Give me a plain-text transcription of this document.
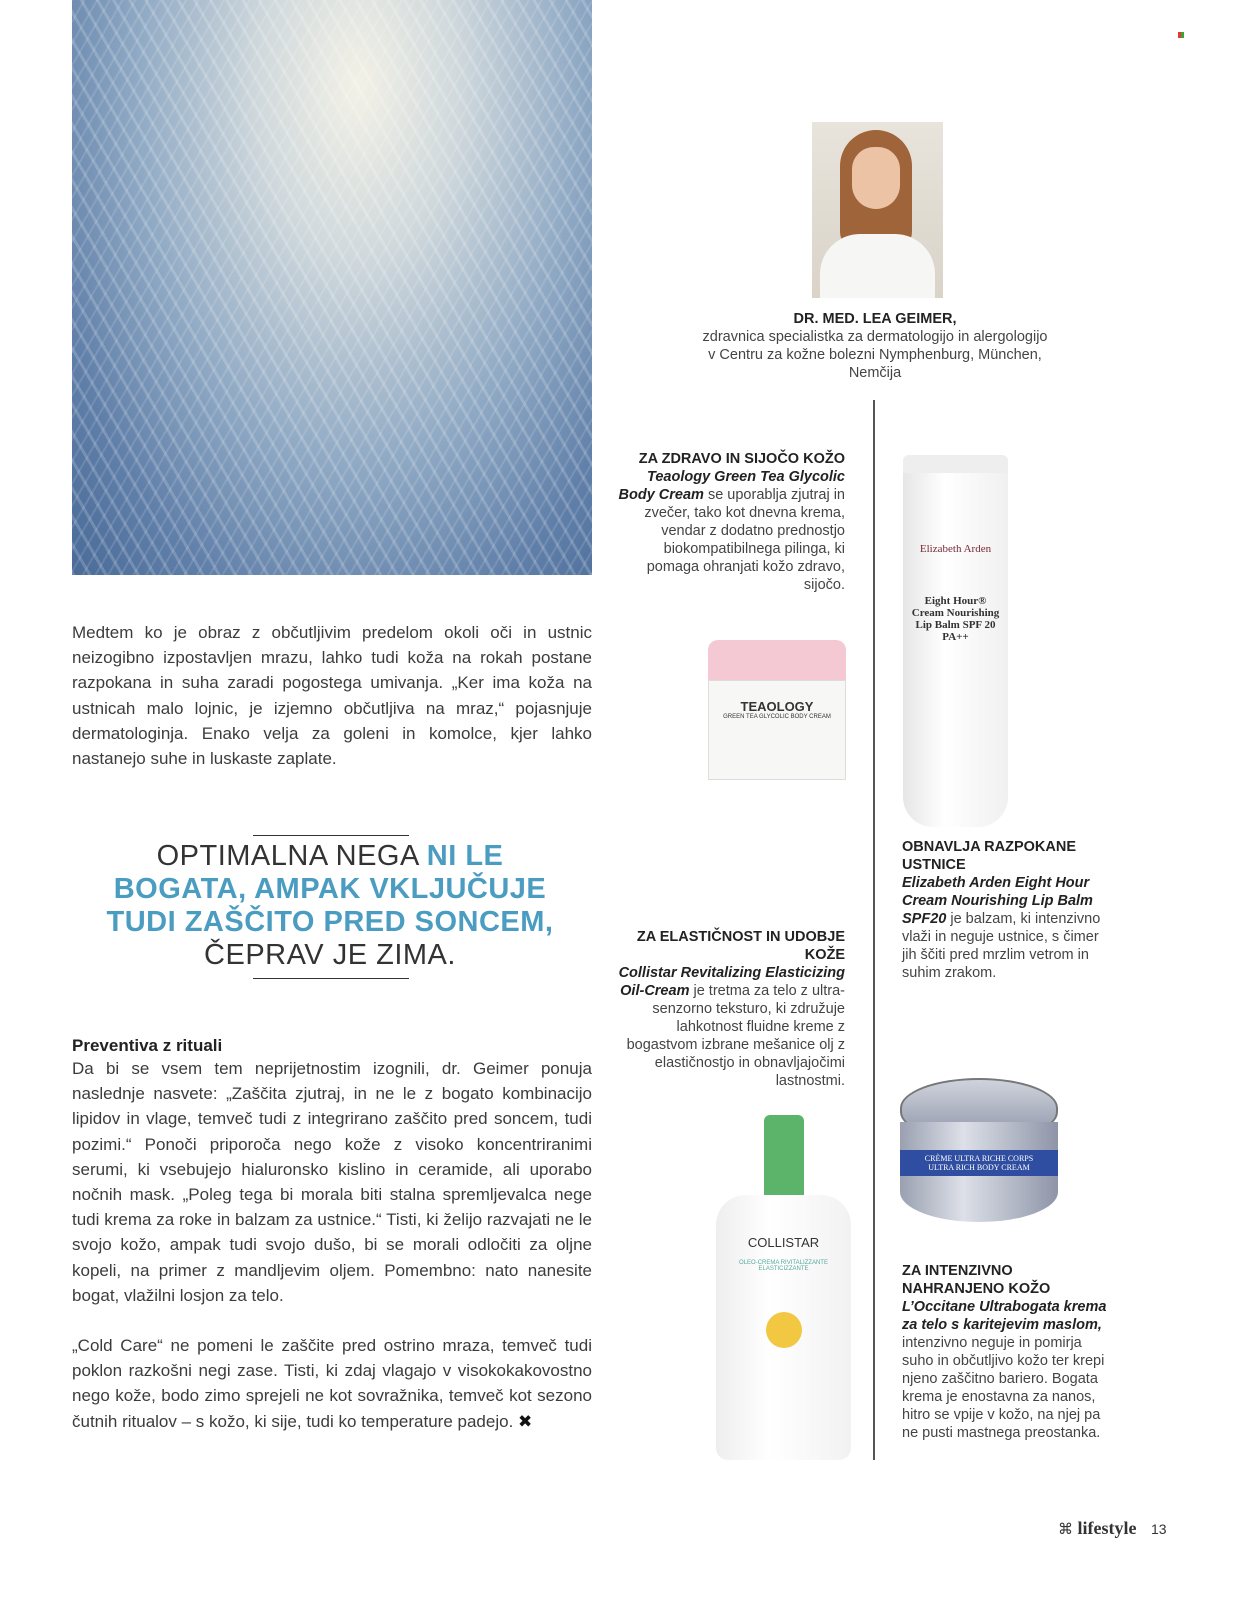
Medtem ko je obraz z občutljivim predelom okoli oči in ustnic neizogibno izpostavljen mrazu, lahko tudi koža na rokah postane razpokana in suha zaradi pogostega umivanja. „Ker ima koža na ustnicah malo lojnic, je izjemno občutljiva na mraz,“ pojasnjuje dermatologinja. Enako velja za goleni in komolce, kjer lahko nastanejo suhe in luskaste zaplate.

OPTIMALNA NEGA NI LE BOGATA, AMPAK VKLJUČUJE TUDI ZAŠČITO PRED SONCEM, ČEPRAV JE ZIMA.
Preventiva z rituali

Da bi se vsem tem neprijetnostim izognili, dr. Geimer ponuja naslednje nasvete: „Zaščita zjutraj, in ne le z bogato kombinacijo lipidov in vlage, temveč tudi z integrirano zaščito pred soncem, tudi pozimi.“ Ponoči priporoča nego kože z visoko koncentriranimi serumi, ki vsebujejo hialuronsko kislino in ceramide, ali uporabo nočnih mask. „Poleg tega bi morala biti stalna spremljevalca nege tudi krema za roke in balzam za ustnice.“ Tisti, ki želijo razvajati ne le svojo kožo, ampak tudi svojo dušo, bi se morali odločiti za oljne kopeli, na primer z mandljevim oljem. Pomembno: nato nanesite bogat, vlažilni losjon za telo.

„Cold Care“ ne pomeni le zaščite pred ostrino mraza, temveč tudi poklon razkošni negi zase. Tisti, ki zdaj vlagajo v visokokakovostno nego kože, bodo zimo sprejeli ne kot sovražnika, temveč kot sezono čutnih ritualov – s kožo, ki sije, tudi ko temperature padejo. ✖

DR. MED. LEA GEIMER,
zdravnica specialistka za dermatologijo in alergologijo v Centru za kožne bolezni Nymphenburg, München, Nemčija
ZA ZDRAVO IN SIJOČO KOŽO
Teaology Green Tea Glycolic Body Cream se uporablja zjutraj in zvečer, tako kot dnevna krema, vendar z dodatno prednostjo biokompatibilnega pilinga, ki pomaga ohranjati kožo zdravo, sijočo.
TEAOLOGY
GREEN TEA GLYCOLIC BODY CREAM
Elizabeth Arden
Eight Hour® Cream Nourishing Lip Balm SPF 20 PA++
OBNAVLJA RAZPOKANE USTNICE
Elizabeth Arden Eight Hour Cream Nourishing Lip Balm SPF20 je balzam, ki intenzivno vlaži in neguje ustnice, s čimer jih ščiti pred mrzlim vetrom in suhim zrakom.
ZA ELASTIČNOST IN UDOBJE KOŽE
Collistar Revitalizing Elasticizing Oil-Cream je tretma za telo z ultra-senzorno teksturo, ki združuje lahkotnost fluidne kreme z bogastvom izbrane mešanice olj z elastičnostjo in obnavljajočimi lastnostmi.
COLLISTAR
OLEO-CREMA RIVITALIZZANTE ELASTICIZZANTE
CRÈME ULTRA RICHE CORPS
ULTRA RICH BODY CREAM
ZA INTENZIVNO NAHRANJENO KOŽO
L’Occitane Ultrabogata krema za telo s karitejevim maslom, intenzivno neguje in pomirja suho in občutljivo kožo ter krepi njeno zaščitno bariero. Bogata krema je enostavna za nanos, hitro se vpije v kožo, na njej pa ne pusti mastnega preostanka.
⌘ lifestyle 13
